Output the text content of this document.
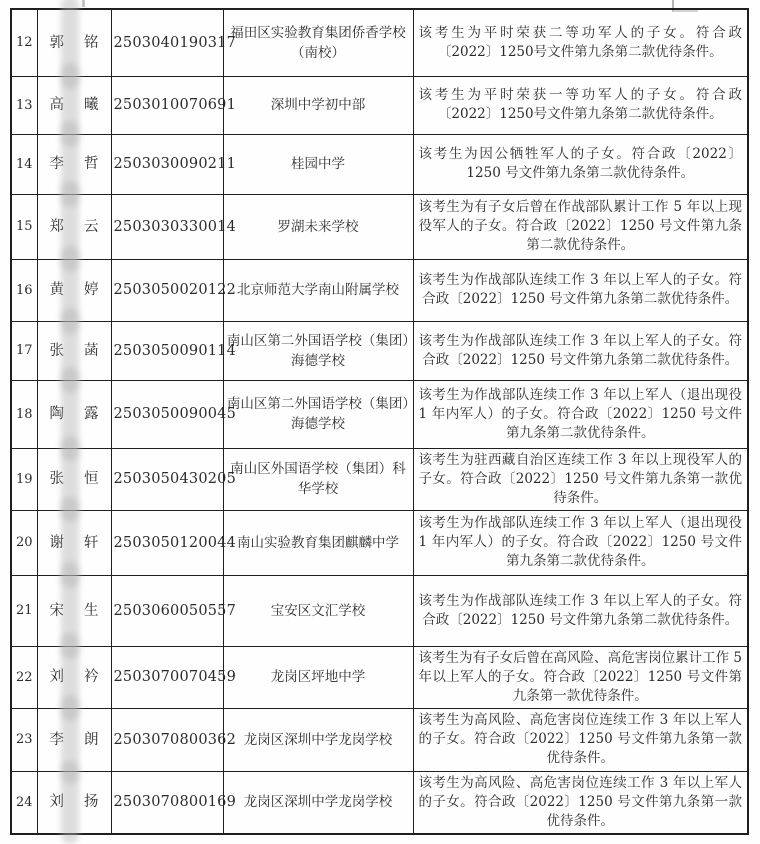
12	郭 铭	2503040190317	福田区实验教育集团侨香学校（南校）	该考生为平时荣获二等功军人的子女。符合政〔2022〕1250号文件第九条第二款优待条件。
13	高 曦	2503010070691	深圳中学初中部	该考生为平时荣获一等功军人的子女。符合政〔2022〕1250号文件第九条第二款优待条件。
14	李 哲	2503030090211	桂园中学	该考生为因公牺牲军人的子女。符合政〔2022〕1250 号文件第九条第二款优待条件。
15	郑 云	2503030330014	罗湖未来学校	该考生为有子女后曾在作战部队累计工作 5 年以上现役军人的子女。符合政〔2022〕1250 号文件第九条第二款优待条件。
16	黄 婷	2503050020122	北京师范大学南山附属学校	该考生为作战部队连续工作 3 年以上军人的子女。符合政〔2022〕1250 号文件第九条第二款优待条件。
17	张 菡	2503050090114	南山区第二外国语学校（集团）海德学校	该考生为作战部队连续工作 3 年以上军人的子女。符合政〔2022〕1250 号文件第九条第二款优待条件。
18	陶 露	2503050090045	南山区第二外国语学校（集团）海德学校	该考生为作战部队连续工作 3 年以上军人（退出现役 1 年内军人）的子女。符合政〔2022〕1250 号文件第九条第二款优待条件。
19	张 恒	2503050430205	南山区外国语学校（集团）科华学校	该考生为驻西藏自治区连续工作 3 年以上现役军人的子女。符合政〔2022〕1250 号文件第九条第一款优待条件。
20	谢 轩	2503050120044	南山实验教育集团麒麟中学	该考生为作战部队连续工作 3 年以上军人（退出现役 1 年内军人）的子女。符合政〔2022〕1250 号文件第九条第二款优待条件。
21	宋 生	2503060050557	宝安区文汇学校	该考生为作战部队连续工作 3 年以上军人的子女。符合政〔2022〕1250 号文件第九条第二款优待条件。
22	刘 衿	2503070070459	龙岗区坪地中学	该考生为有子女后曾在高风险、高危害岗位累计工作 5 年以上军人的子女。符合政〔2022〕1250 号文件第九条第一款优待条件。
23	李 朗	2503070800362	龙岗区深圳中学龙岗学校	该考生为高风险、高危害岗位连续工作 3 年以上军人的子女。符合政〔2022〕1250 号文件第九条第一款优待条件。
24	刘 扬	2503070800169	龙岗区深圳中学龙岗学校	该考生为高风险、高危害岗位连续工作 3 年以上军人的子女。符合政〔2022〕1250 号文件第九条第一款优待条件。
